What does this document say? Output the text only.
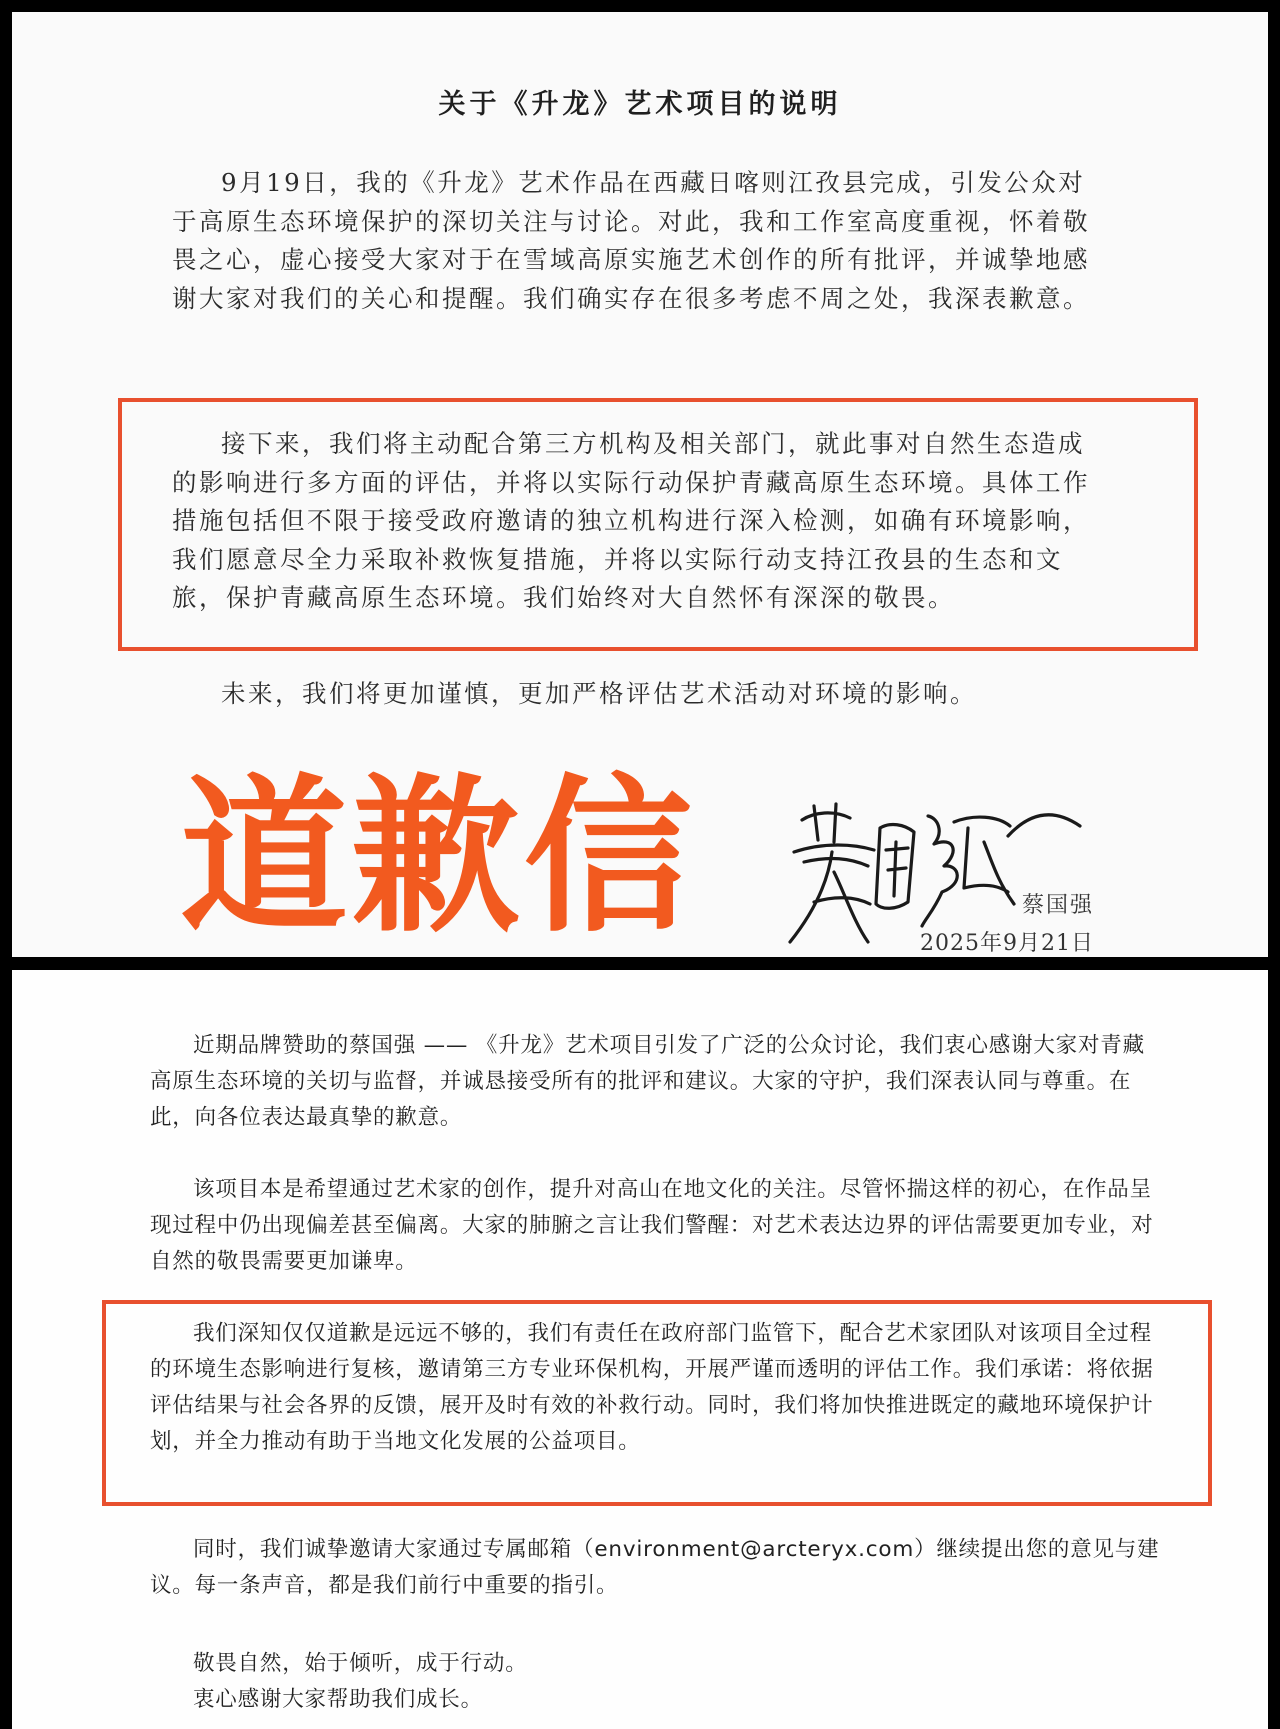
关于《升龙》艺术项目的说明

9月19日，我的《升龙》艺术作品在西藏日喀则江孜县完成，引发公众对于高原生态环境保护的深切关注与讨论。对此，我和工作室高度重视，怀着敬畏之心，虚心接受大家对于在雪域高原实施艺术创作的所有批评，并诚挚地感谢大家对我们的关心和提醒。我们确实存在很多考虑不周之处，我深表歉意。

接下来，我们将主动配合第三方机构及相关部门，就此事对自然生态造成的影响进行多方面的评估，并将以实际行动保护青藏高原生态环境。具体工作措施包括但不限于接受政府邀请的独立机构进行深入检测，如确有环境影响，我们愿意尽全力采取补救恢复措施，并将以实际行动支持江孜县的生态和文旅，保护青藏高原生态环境。我们始终对大自然怀有深深的敬畏。

未来，我们将更加谨慎，更加严格评估艺术活动对环境的影响。

道歉信	蔡国强
2025年9月21日

近期品牌赞助的蔡国强 —— 《升龙》艺术项目引发了广泛的公众讨论，我们衷心感谢大家对青藏高原生态环境的关切与监督，并诚恳接受所有的批评和建议。大家的守护，我们深表认同与尊重。在此，向各位表达最真挚的歉意。

该项目本是希望通过艺术家的创作，提升对高山在地文化的关注。尽管怀揣这样的初心，在作品呈现过程中仍出现偏差甚至偏离。大家的肺腑之言让我们警醒：对艺术表达边界的评估需要更加专业，对自然的敬畏需要更加谦卑。

我们深知仅仅道歉是远远不够的，我们有责任在政府部门监管下，配合艺术家团队对该项目全过程的环境生态影响进行复核，邀请第三方专业环保机构，开展严谨而透明的评估工作。我们承诺：将依据评估结果与社会各界的反馈，展开及时有效的补救行动。同时，我们将加快推进既定的藏地环境保护计划，并全力推动有助于当地文化发展的公益项目。

同时，我们诚挚邀请大家通过专属邮箱（environment@arcteryx.com）继续提出您的意见与建议。每一条声音，都是我们前行中重要的指引。

敬畏自然，始于倾听，成于行动。
衷心感谢大家帮助我们成长。
